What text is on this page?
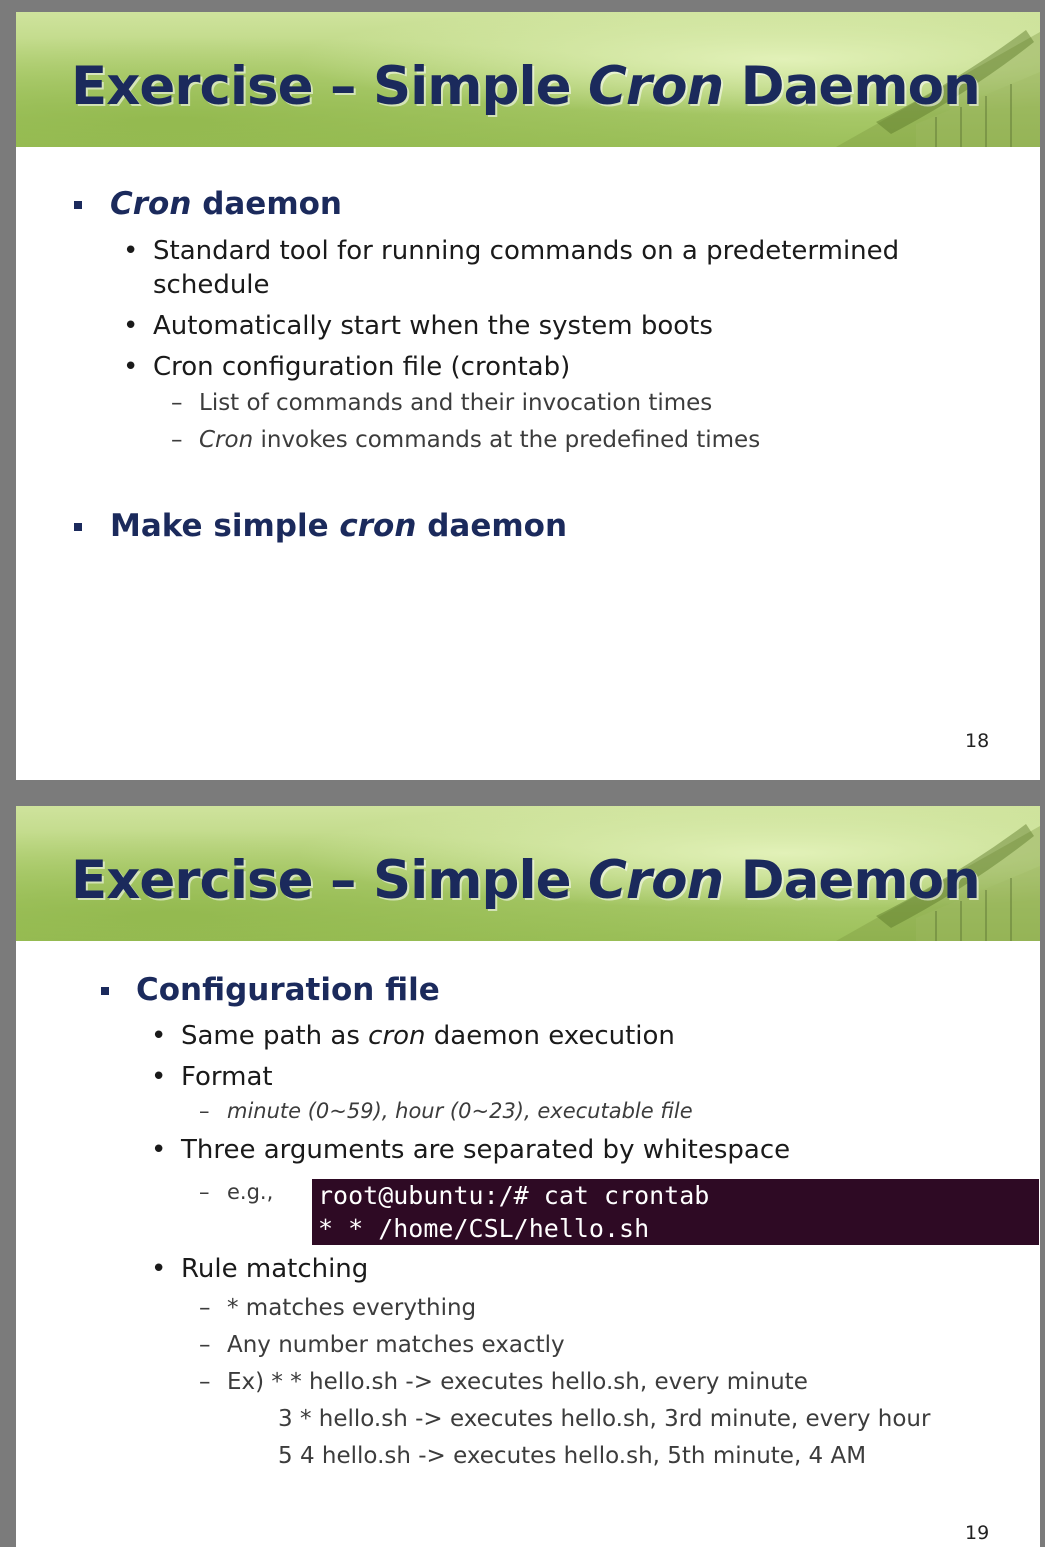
Exercise – Simple Cron Daemon
Cron daemon
• Standard tool for running commands on a predetermined
schedule
• Automatically start when the system boots
• Cron configuration file (crontab)
– List of commands and their invocation times
– Cron invokes commands at the predefined times
Make simple cron daemon
18
Exercise – Simple Cron Daemon
Configuration file
• Same path as cron daemon execution
• Format
– minute (0~59), hour (0~23), executable file
• Three arguments are separated by whitespace
– e.g., root@ubuntu:/# cat crontab
* * /home/CSL/hello.sh
• Rule matching
– * matches everything
– Any number matches exactly
– Ex) * * hello.sh -> executes hello.sh, every minute
3 * hello.sh -> executes hello.sh, 3rd minute, every hour
5 4 hello.sh -> executes hello.sh, 5th minute, 4 AM
19
